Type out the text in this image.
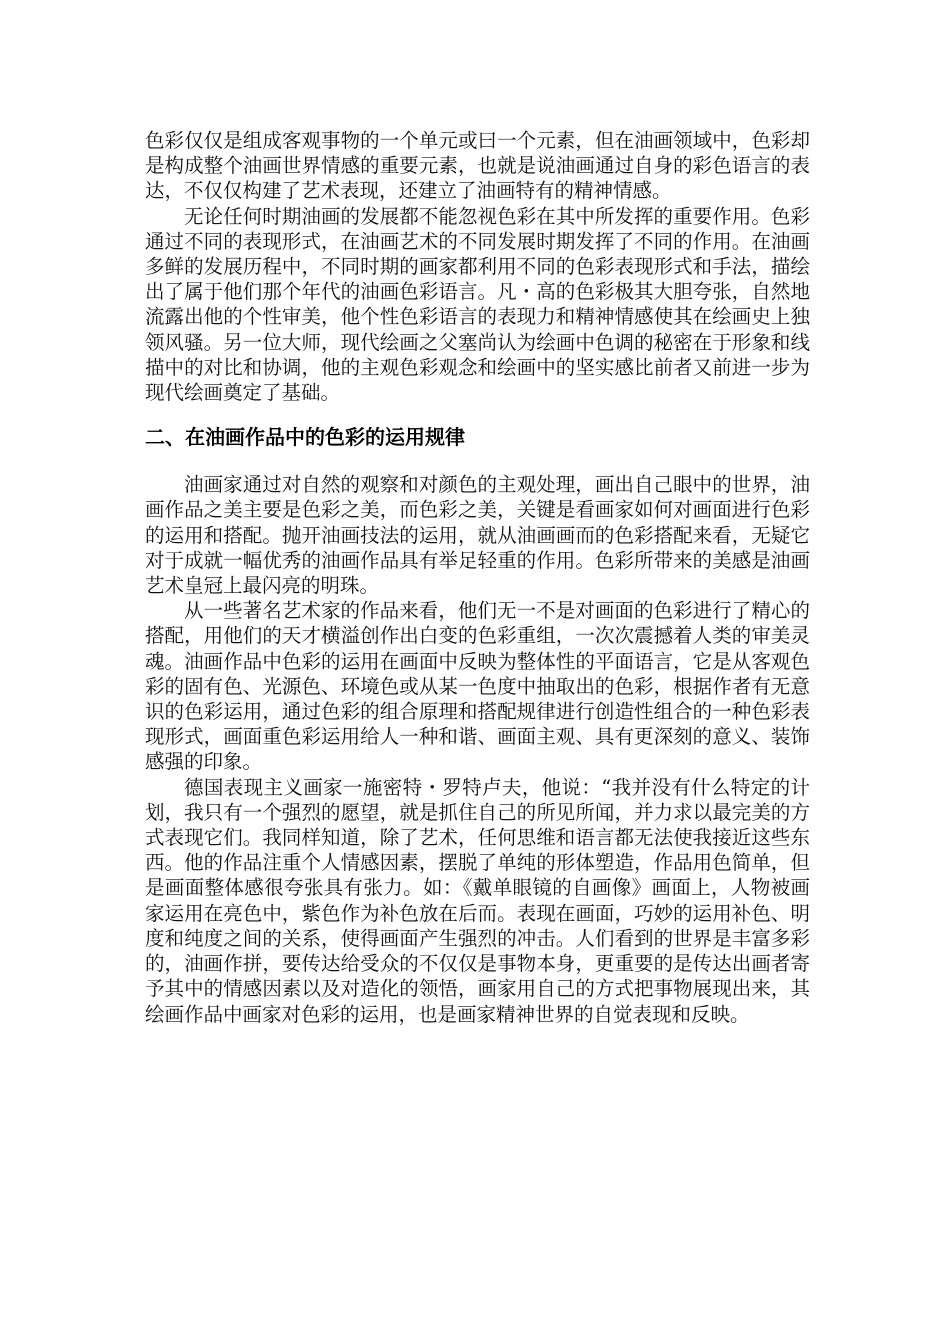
色彩仅仅是组成客观事物的一个单元或曰一个元素，但在油画领域中，色彩却是构成整个油画世界情感的重要元素，也就是说油画通过自身的彩色语言的表达，不仅仅构建了艺术表现，还建立了油画特有的精神情感。

无论任何时期油画的发展都不能忽视色彩在其中所发挥的重要作用。色彩通过不同的表现形式，在油画艺术的不同发展时期发挥了不同的作用。在油画多鲜的发展历程中，不同时期的画家都利用不同的色彩表现形式和手法，描绘出了属于他们那个年代的油画色彩语言。凡・高的色彩极其大胆夸张，自然地流露出他的个性审美，他个性色彩语言的表现力和精神情感使其在绘画史上独领风骚。另一位大师，现代绘画之父塞尚认为绘画中色调的秘密在于形象和线描中的对比和协调，他的主观色彩观念和绘画中的坚实感比前者又前进一步为现代绘画奠定了基础。

二、在油画作品中的色彩的运用规律

油画家通过对自然的观察和对颜色的主观处理，画出自己眼中的世界，油画作品之美主要是色彩之美，而色彩之美，关键是看画家如何对画面进行色彩的运用和搭配。抛开油画技法的运用，就从油画画而的色彩搭配来看，无疑它对于成就一幅优秀的油画作品具有举足轻重的作用。色彩所带来的美感是油画艺术皇冠上最闪亮的明珠。

从一些著名艺术家的作品来看，他们无一不是对画面的色彩进行了精心的搭配，用他们的天才横溢创作出白变的色彩重组，一次次震撼着人类的审美灵魂。油画作品中色彩的运用在画面中反映为整体性的平面语言，它是从客观色彩的固有色、光源色、环境色或从某一色度中抽取出的色彩，根据作者有无意识的色彩运用，通过色彩的组合原理和搭配规律进行创造性组合的一种色彩表现形式，画面重色彩运用给人一种和谐、画面主观、具有更深刻的意义、装饰感强的印象。

德国表现主义画家一施密特・罗特卢夫，他说：“我并没有什么特定的计划，我只有一个强烈的愿望，就是抓住自己的所见所闻，并力求以最完美的方式表现它们。我同样知道，除了艺术，任何思维和语言都无法使我接近这些东西。他的作品注重个人情感因素，摆脱了单纯的形体塑造，作品用色简单，但是画面整体感很夸张具有张力。如：《戴单眼镜的自画像》画面上，人物被画家运用在亮色中，紫色作为补色放在后而。表现在画面，巧妙的运用补色、明度和纯度之间的关系，使得画面产生强烈的冲击。人们看到的世界是丰富多彩的，油画作拼，要传达给受众的不仅仅是事物本身，更重要的是传达出画者寄予其中的情感因素以及对造化的领悟，画家用自己的方式把事物展现出来，其绘画作品中画家对色彩的运用，也是画家精神世界的自觉表现和反映。
